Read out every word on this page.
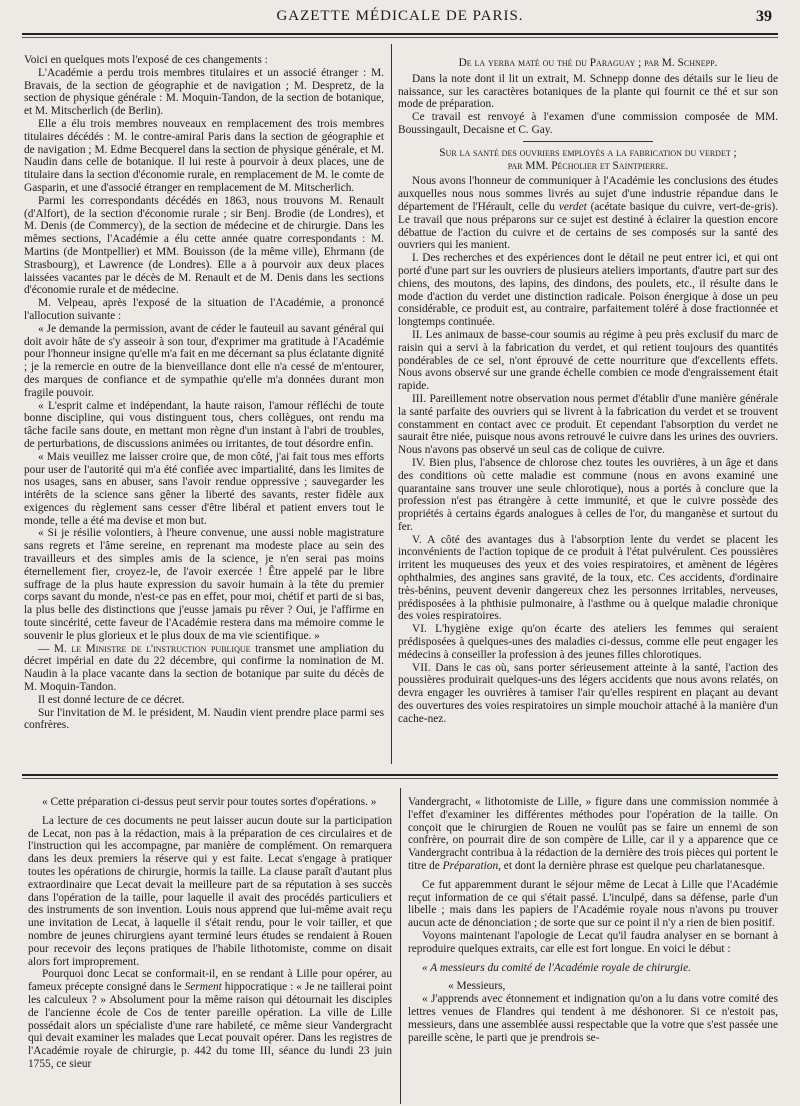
GAZETTE MÉDICALE DE PARIS.	39

Voici en quelques mots l'exposé de ces changements :

L'Académie a perdu trois membres titulaires et un associé étranger : M. Bravais, de la section de géographie et de navigation ; M. Despretz, de la section de physique générale : M. Moquin-Tandon, de la section de botanique, et M. Mitscherlich (de Berlin).

Elle a élu trois membres nouveaux en remplacement des trois membres titulaires décédés : M. le contre-amiral Paris dans la section de géographie et de navigation ; M. Edme Becquerel dans la section de physique générale, et M. Naudin dans celle de botanique. Il lui reste à pourvoir à deux places, une de titulaire dans la section d'économie rurale, en remplacement de M. le comte de Gasparin, et une d'associé étranger en remplacement de M. Mitscherlich.

Parmi les correspondants décédés en 1863, nous trouvons M. Renault (d'Alfort), de la section d'économie rurale ; sir Benj. Brodie (de Londres), et M. Denis (de Commercy), de la section de médecine et de chirurgie. Dans les mêmes sections, l'Académie a élu cette année quatre correspondants : M. Martins (de Montpellier) et MM. Bouisson (de la même ville), Ehrmann (de Strasbourg), et Lawrence (de Londres). Elle a à pourvoir aux deux places laissées vacantes par le décès de M. Renault et de M. Denis dans les sections d'économie rurale et de médecine.

M. Velpeau, après l'exposé de la situation de l'Académie, a prononcé l'allocution suivante :

« Je demande la permission, avant de céder le fauteuil au savant général qui doit avoir hâte de s'y asseoir à son tour, d'exprimer ma gratitude à l'Académie pour l'honneur insigne qu'elle m'a fait en me décernant sa plus éclatante dignité ; je la remercie en outre de la bienveillance dont elle n'a cessé de m'entourer, des marques de confiance et de sympathie qu'elle m'a données durant mon fragile pouvoir.

« L'esprit calme et indépendant, la haute raison, l'amour réfléchi de toute bonne discipline, qui vous distinguent tous, chers collègues, ont rendu ma tâche facile sans doute, en mettant mon règne d'un instant à l'abri de troubles, de perturbations, de discussions animées ou irritantes, de tout désordre enfin.

« Mais veuillez me laisser croire que, de mon côté, j'ai fait tous mes efforts pour user de l'autorité qui m'a été confiée avec impartialité, dans les limites de nos usages, sans en abuser, sans l'avoir rendue oppressive ; sauvegarder les intérêts de la science sans gêner la liberté des savants, rester fidèle aux exigences du règlement sans cesser d'être libéral et patient envers tout le monde, telle a été ma devise et mon but.

« Si je résilie volontiers, à l'heure convenue, une aussi noble magistrature sans regrets et l'âme sereine, en reprenant ma modeste place au sein des travailleurs et des simples amis de la science, je n'en serai pas moins éternellement fier, croyez-le, de l'avoir exercée ! Être appelé par le libre suffrage de la plus haute expression du savoir humain à la tête du premier corps savant du monde, n'est-ce pas en effet, pour moi, chétif et parti de si bas, la plus belle des distinctions que j'eusse jamais pu rêver ? Oui, je l'affirme en toute sincérité, cette faveur de l'Académie restera dans ma mémoire comme le souvenir le plus glorieux et le plus doux de ma vie scientifique. »

— M. le Ministre de l'instruction publique transmet une ampliation du décret impérial en date du 22 décembre, qui confirme la nomination de M. Naudin à la place vacante dans la section de botanique par suite du décès de M. Moquin-Tandon.

Il est donné lecture de ce décret.

Sur l'invitation de M. le président, M. Naudin vient prendre place parmi ses confrères.

De la yerba maté ou thé du Paraguay ; par M. Schnepp.

Dans la note dont il lit un extrait, M. Schnepp donne des détails sur le lieu de naissance, sur les caractères botaniques de la plante qui fournit ce thé et sur son mode de préparation.

Ce travail est renvoyé à l'examen d'une commission composée de MM. Boussingault, Decaisne et C. Gay.

Sur la santé des ouvriers employés a la fabrication du verdet ;

par MM. Pécholier et Saintpierre.

Nous avons l'honneur de communiquer à l'Académie les conclusions des études auxquelles nous nous sommes livrés au sujet d'une industrie répandue dans le département de l'Hérault, celle du verdet (acétate basique du cuivre, vert-de-gris). Le travail que nous préparons sur ce sujet est destiné à éclairer la question encore débattue de l'action du cuivre et de certains de ses composés sur la santé des ouvriers qui les manient.

I. Des recherches et des expériences dont le détail ne peut entrer ici, et qui ont porté d'une part sur les ouvriers de plusieurs ateliers importants, d'autre part sur des chiens, des moutons, des lapins, des dindons, des poulets, etc., il résulte dans le mode d'action du verdet une distinction radicale. Poison énergique à dose un peu considérable, ce produit est, au contraire, parfaitement toléré à dose fractionnée et longtemps continuée.

II. Les animaux de basse-cour soumis au régime à peu près exclusif du marc de raisin qui a servi à la fabrication du verdet, et qui retient toujours des quantités pondérables de ce sel, n'ont éprouvé de cette nourriture que d'excellents effets. Nous avons observé sur une grande échelle combien ce mode d'engraissement était rapide.

III. Pareillement notre observation nous permet d'établir d'une manière générale la santé parfaite des ouvriers qui se livrent à la fabrication du verdet et se trouvent constamment en contact avec ce produit. Et cependant l'absorption du verdet ne saurait être niée, puisque nous avons retrouvé le cuivre dans les urines des ouvriers. Nous n'avons pas observé un seul cas de colique de cuivre.

IV. Bien plus, l'absence de chlorose chez toutes les ouvrières, à un âge et dans des conditions où cette maladie est commune (nous en avons examiné une quarantaine sans trouver une seule chlorotique), nous a portés à conclure que la profession n'est pas étrangère à cette immunité, et que le cuivre possède des propriétés à certains égards analogues à celles de l'or, du manganèse et surtout du fer.

V. A côté des avantages dus à l'absorption lente du verdet se placent les inconvénients de l'action topique de ce produit à l'état pulvérulent. Ces poussières irritent les muqueuses des yeux et des voies respiratoires, et amènent de légères ophthalmies, des angines sans gravité, de la toux, etc. Ces accidents, d'ordinaire très-bénins, peuvent devenir dangereux chez les personnes irritables, nerveuses, prédisposées à la phthisie pulmonaire, à l'asthme ou à quelque maladie chronique des voies respiratoires.

VI. L'hygiène exige qu'on écarte des ateliers les femmes qui seraient prédisposées à quelques-unes des maladies ci-dessus, comme elle peut engager les médecins à conseiller la profession à des jeunes filles chlorotiques.

VII. Dans le cas où, sans porter sérieusement atteinte à la santé, l'action des poussières produirait quelques-uns des légers accidents que nous avons relatés, on devra engager les ouvrières à tamiser l'air qu'elles respirent en plaçant au devant des ouvertures des voies respiratoires un simple mouchoir attaché à la manière d'un cache-nez.

« Cette préparation ci-dessus peut servir pour toutes sortes d'opérations. »

La lecture de ces documents ne peut laisser aucun doute sur la participation de Lecat, non pas à la rédaction, mais à la préparation de ces circulaires et de l'instruction qui les accompagne, par manière de complément. On remarquera dans les deux premiers la réserve qui y est faite. Lecat s'engage à pratiquer toutes les opérations de chirurgie, hormis la taille. La clause paraît d'autant plus extraordinaire que Lecat devait la meilleure part de sa réputation à ses succès dans l'opération de la taille, pour laquelle il avait des procédés particuliers et des instruments de son invention. Louis nous apprend que lui-même avait reçu une invitation de Lecat, à laquelle il s'était rendu, pour le voir tailler, et que nombre de jeunes chirurgiens ayant terminé leurs études se rendaient à Rouen pour recevoir des leçons pratiques de l'habile lithotomiste, comme on disait alors fort improprement.

Pourquoi donc Lecat se conformait-il, en se rendant à Lille pour opérer, au fameux précepte consigné dans le Serment hippocratique : « Je ne taillerai point les calculeux ? » Absolument pour la même raison qui détournait les disciples de l'ancienne école de Cos de tenter pareille opération. La ville de Lille possédait alors un spécialiste d'une rare habileté, ce même sieur Vandergracht qui devait examiner les malades que Lecat pouvait opérer. Dans les registres de l'Académie royale de chirurgie, p. 442 du tome III, séance du lundi 23 juin 1755, ce sieur

Vandergracht, « lithotomiste de Lille, » figure dans une commission nommée à l'effet d'examiner les différentes méthodes pour l'opération de la taille. On conçoit que le chirurgien de Rouen ne voulût pas se faire un ennemi de son confrère, on pourrait dire de son compère de Lille, car il y a apparence que ce Vandergracht contribua à la rédaction de la dernière des trois pièces qui portent le titre de Préparation, et dont la dernière phrase est quelque peu charlatanesque.

Ce fut apparemment durant le séjour même de Lecat à Lille que l'Académie reçut information de ce qui s'était passé. L'inculpé, dans sa défense, parle d'un libelle ; mais dans les papiers de l'Académie royale nous n'avons pu trouver aucun acte de dénonciation ; de sorte que sur ce point il n'y a rien de bien positif.

Voyons maintenant l'apologie de Lecat qu'il faudra analyser en se bornant à reproduire quelques extraits, car elle est fort longue. En voici le début :

« A messieurs du comité de l'Académie royale de chirurgie.

« Messieurs,

« J'apprends avec étonnement et indignation qu'on a lu dans votre comité des lettres venues de Flandres qui tendent à me déshonorer. Si ce n'estoit pas, messieurs, dans une assemblée aussi respectable que la votre que s'est passée une pareille scène, le parti que je prendrois se-
